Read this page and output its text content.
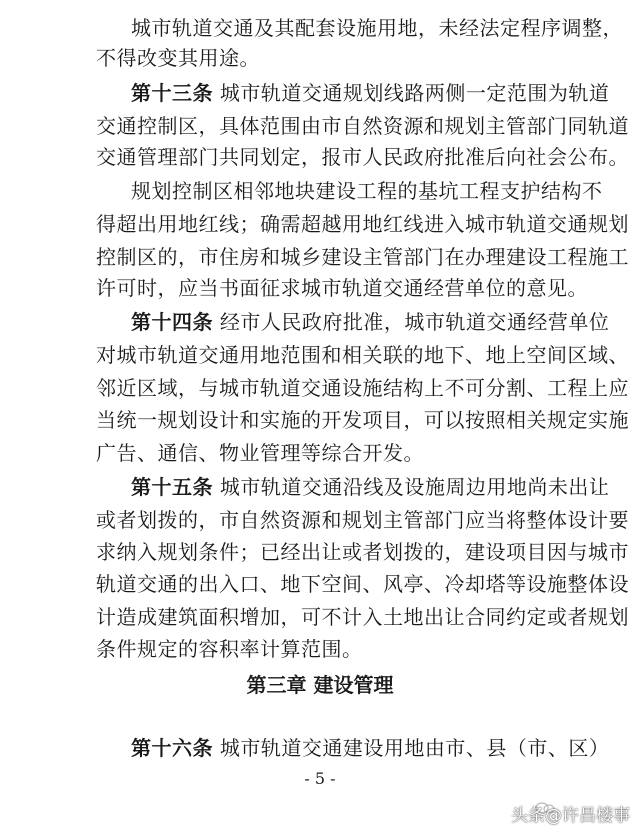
城市轨道交通及其配套设施用地，未经法定程序调整，
不得改变其用途。
第十三条 城市轨道交通规划线路两侧一定范围为轨道
交通控制区，具体范围由市自然资源和规划主管部门同轨道
交通管理部门共同划定，报市人民政府批准后向社会公布。
规划控制区相邻地块建设工程的基坑工程支护结构不
得超出用地红线；确需超越用地红线进入城市轨道交通规划
控制区的，市住房和城乡建设主管部门在办理建设工程施工
许可时，应当书面征求城市轨道交通经营单位的意见。
第十四条 经市人民政府批准，城市轨道交通经营单位
对城市轨道交通用地范围和相关联的地下、地上空间区域、
邻近区域，与城市轨道交通设施结构上不可分割、工程上应
当统一规划设计和实施的开发项目，可以按照相关规定实施
广告、通信、物业管理等综合开发。
第十五条 城市轨道交通沿线及设施周边用地尚未出让
或者划拨的，市自然资源和规划主管部门应当将整体设计要
求纳入规划条件；已经出让或者划拨的，建设项目因与城市
轨道交通的出入口、地下空间、风亭、冷却塔等设施整体设
计造成建筑面积增加，可不计入土地出让合同约定或者规划
条件规定的容积率计算范围。
第三章 建设管理
第十六条 城市轨道交通建设用地由市、县（市、区）
- 5 -
头条@许昌楼事
